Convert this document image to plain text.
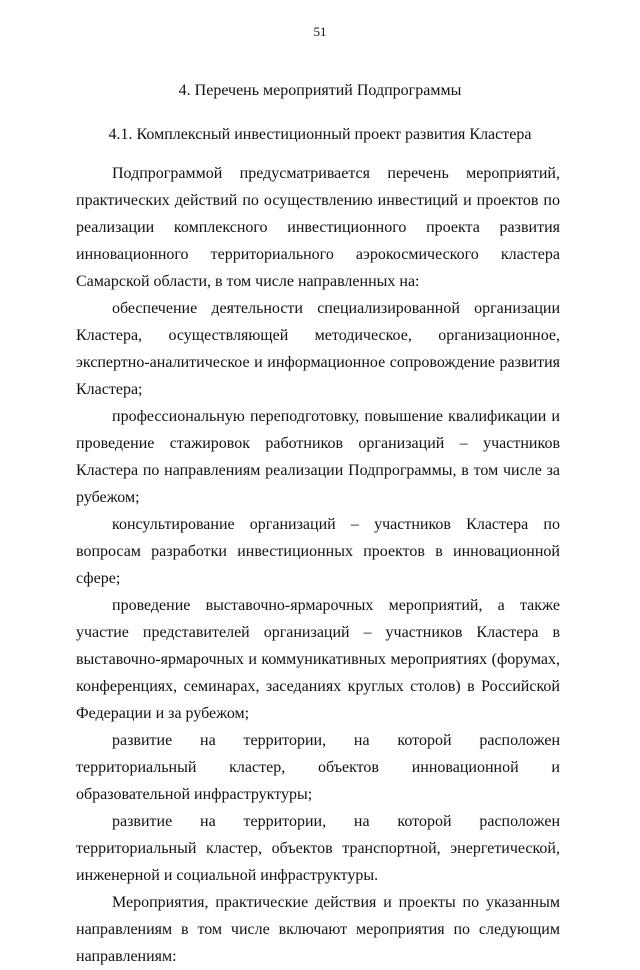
51
4. Перечень мероприятий Подпрограммы
4.1. Комплексный инвестиционный проект развития Кластера

Подпрограммой предусматривается перечень мероприятий, практических действий по осуществлению инвестиций и проектов по реализации комплексного инвестиционного проекта развития инновационного территориального аэрокосмического кластера Самарской области, в том числе направленных на:

обеспечение деятельности специализированной организации Кластера, осуществляющей методическое, организационное, экспертно-аналитическое и информационное сопровождение развития Кластера;

профессиональную переподготовку, повышение квалификации и проведение стажировок работников организаций – участников Кластера по направлениям реализации Подпрограммы, в том числе за рубежом;

консультирование организаций – участников Кластера по вопросам разработки инвестиционных проектов в инновационной сфере;

проведение выставочно-ярмарочных мероприятий, а также участие представителей организаций – участников Кластера в выставочно-ярмарочных и коммуникативных мероприятиях (форумах, конференциях, семинарах, заседаниях круглых столов) в Российской Федерации и за рубежом;

развитие на территории, на которой расположен территориальный кластер, объектов инновационной и образовательной инфраструктуры;

развитие на территории, на которой расположен территориальный кластер, объектов транспортной, энергетической, инженерной и социальной инфраструктуры.

Мероприятия, практические действия и проекты по указанным направлениям в том числе включают мероприятия по следующим направлениям:
